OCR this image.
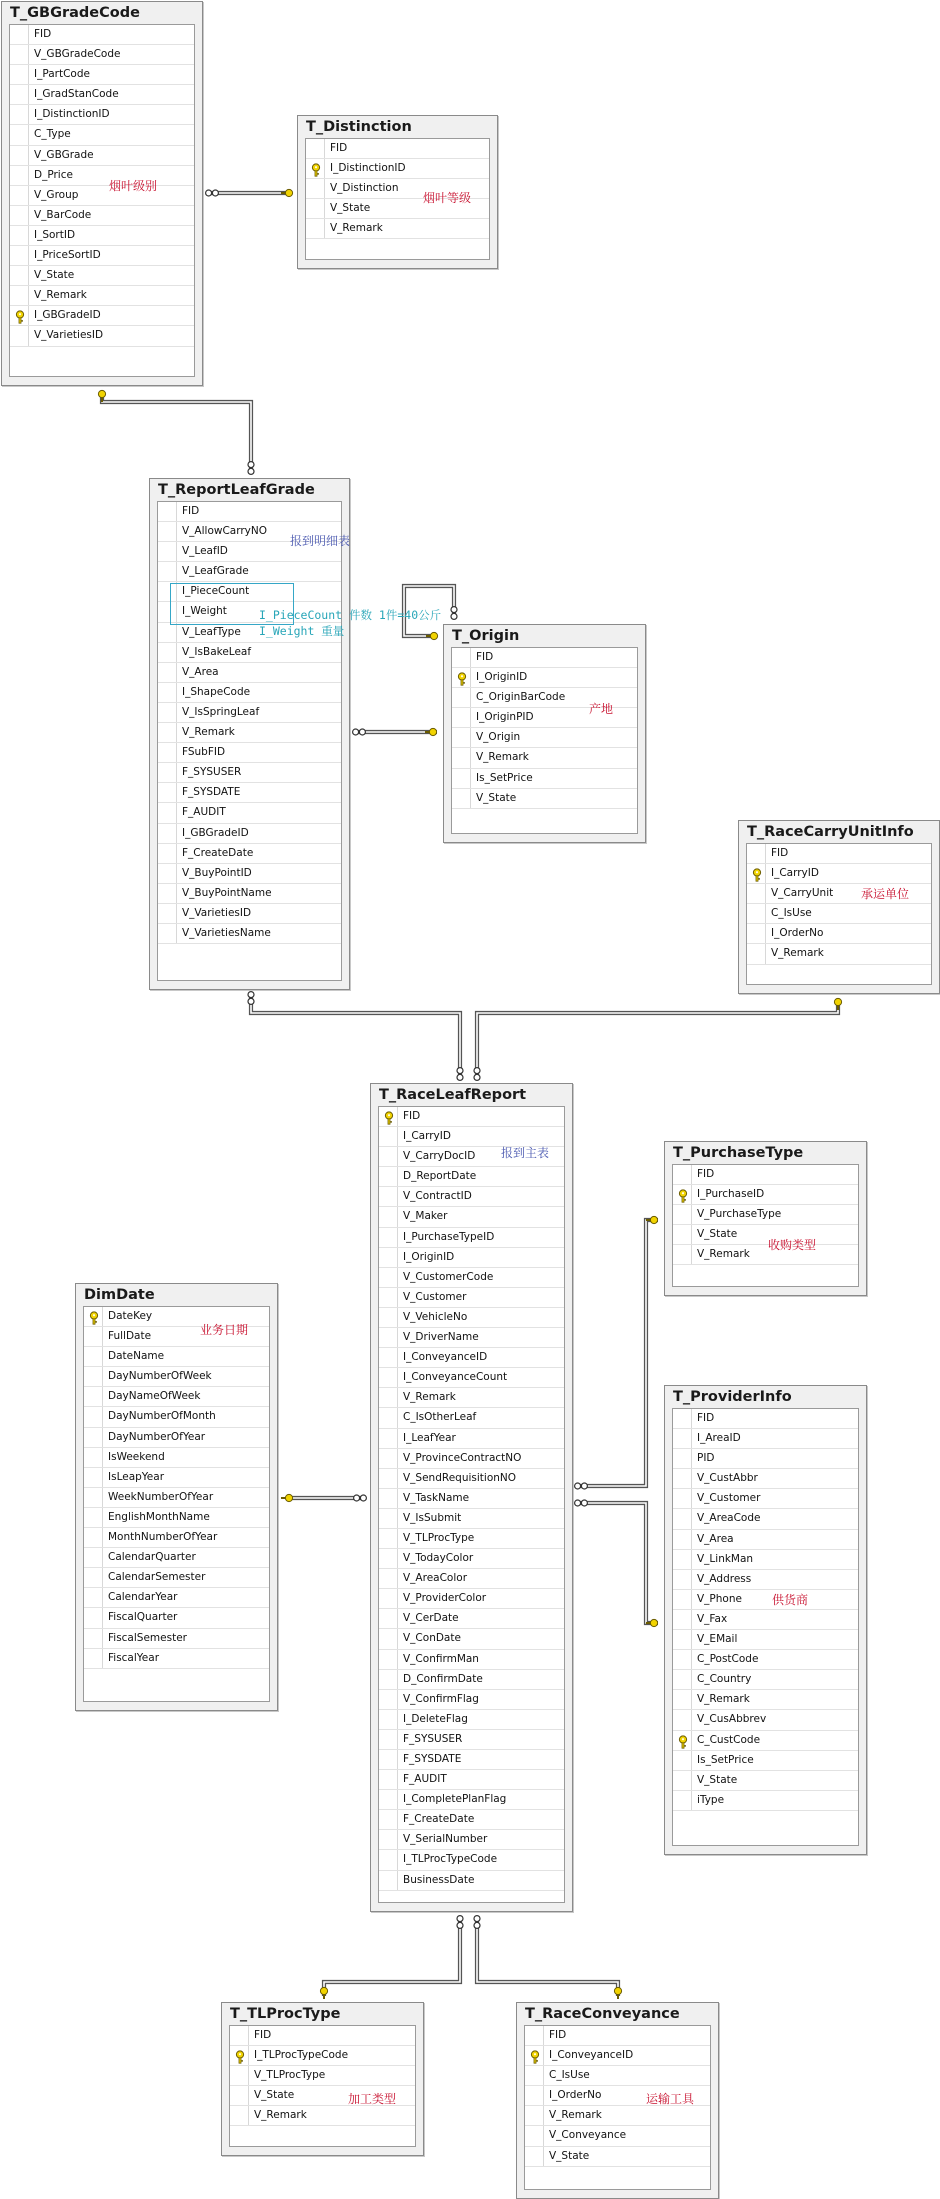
T_GBGradeCode
FID
V_GBGradeCode
I_PartCode
I_GradStanCode
I_DistinctionID
C_Type
V_GBGrade
D_Price
V_Group
V_BarCode
I_SortID
I_PriceSortID
V_State
V_Remark
I_GBGradeID
V_VarietiesID
T_Distinction
FID
I_DistinctionID
V_Distinction
V_State
V_Remark
T_ReportLeafGrade
FID
V_AllowCarryNO
V_LeafID
V_LeafGrade
I_PieceCount
I_Weight
V_LeafType
V_IsBakeLeaf
V_Area
I_ShapeCode
V_IsSpringLeaf
V_Remark
FSubFID
F_SYSUSER
F_SYSDATE
F_AUDIT
I_GBGradeID
F_CreateDate
V_BuyPointID
V_BuyPointName
V_VarietiesID
V_VarietiesName
T_Origin
FID
I_OriginID
C_OriginBarCode
I_OriginPID
V_Origin
V_Remark
Is_SetPrice
V_State
T_RaceCarryUnitInfo
FID
I_CarryID
V_CarryUnit
C_IsUse
I_OrderNo
V_Remark
T_RaceLeafReport
FID
I_CarryID
V_CarryDocID
D_ReportDate
V_ContractID
V_Maker
I_PurchaseTypeID
I_OriginID
V_CustomerCode
V_Customer
V_VehicleNo
V_DriverName
I_ConveyanceID
I_ConveyanceCount
V_Remark
C_IsOtherLeaf
I_LeafYear
V_ProvinceContractNO
V_SendRequisitionNO
V_TaskName
V_IsSubmit
V_TLProcType
V_TodayColor
V_AreaColor
V_ProviderColor
V_CerDate
V_ConDate
V_ConfirmMan
D_ConfirmDate
V_ConfirmFlag
I_DeleteFlag
F_SYSUSER
F_SYSDATE
F_AUDIT
I_CompletePlanFlag
F_CreateDate
V_SerialNumber
I_TLProcTypeCode
BusinessDate
T_PurchaseType
FID
I_PurchaseID
V_PurchaseType
V_State
V_Remark
DimDate
DateKey
FullDate
DateName
DayNumberOfWeek
DayNameOfWeek
DayNumberOfMonth
DayNumberOfYear
IsWeekend
IsLeapYear
WeekNumberOfYear
EnglishMonthName
MonthNumberOfYear
CalendarQuarter
CalendarSemester
CalendarYear
FiscalQuarter
FiscalSemester
FiscalYear
T_ProviderInfo
FID
I_AreaID
PID
V_CustAbbr
V_Customer
V_AreaCode
V_Area
V_LinkMan
V_Address
V_Phone
V_Fax
V_EMail
C_PostCode
C_Country
V_Remark
V_CusAbbrev
C_CustCode
Is_SetPrice
V_State
iType
T_TLProcType
FID
I_TLProcTypeCode
V_TLProcType
V_State
V_Remark
T_RaceConveyance
FID
I_ConveyanceID
C_IsUse
I_OrderNo
V_Remark
V_Conveyance
V_State
烟叶级别
烟叶等级
报到明细表
I_PieceCount 件数 1件=40公斤
I_Weight 重量
产地
承运单位
报到主表
收购类型
业务日期
供货商
加工类型	运输工具
